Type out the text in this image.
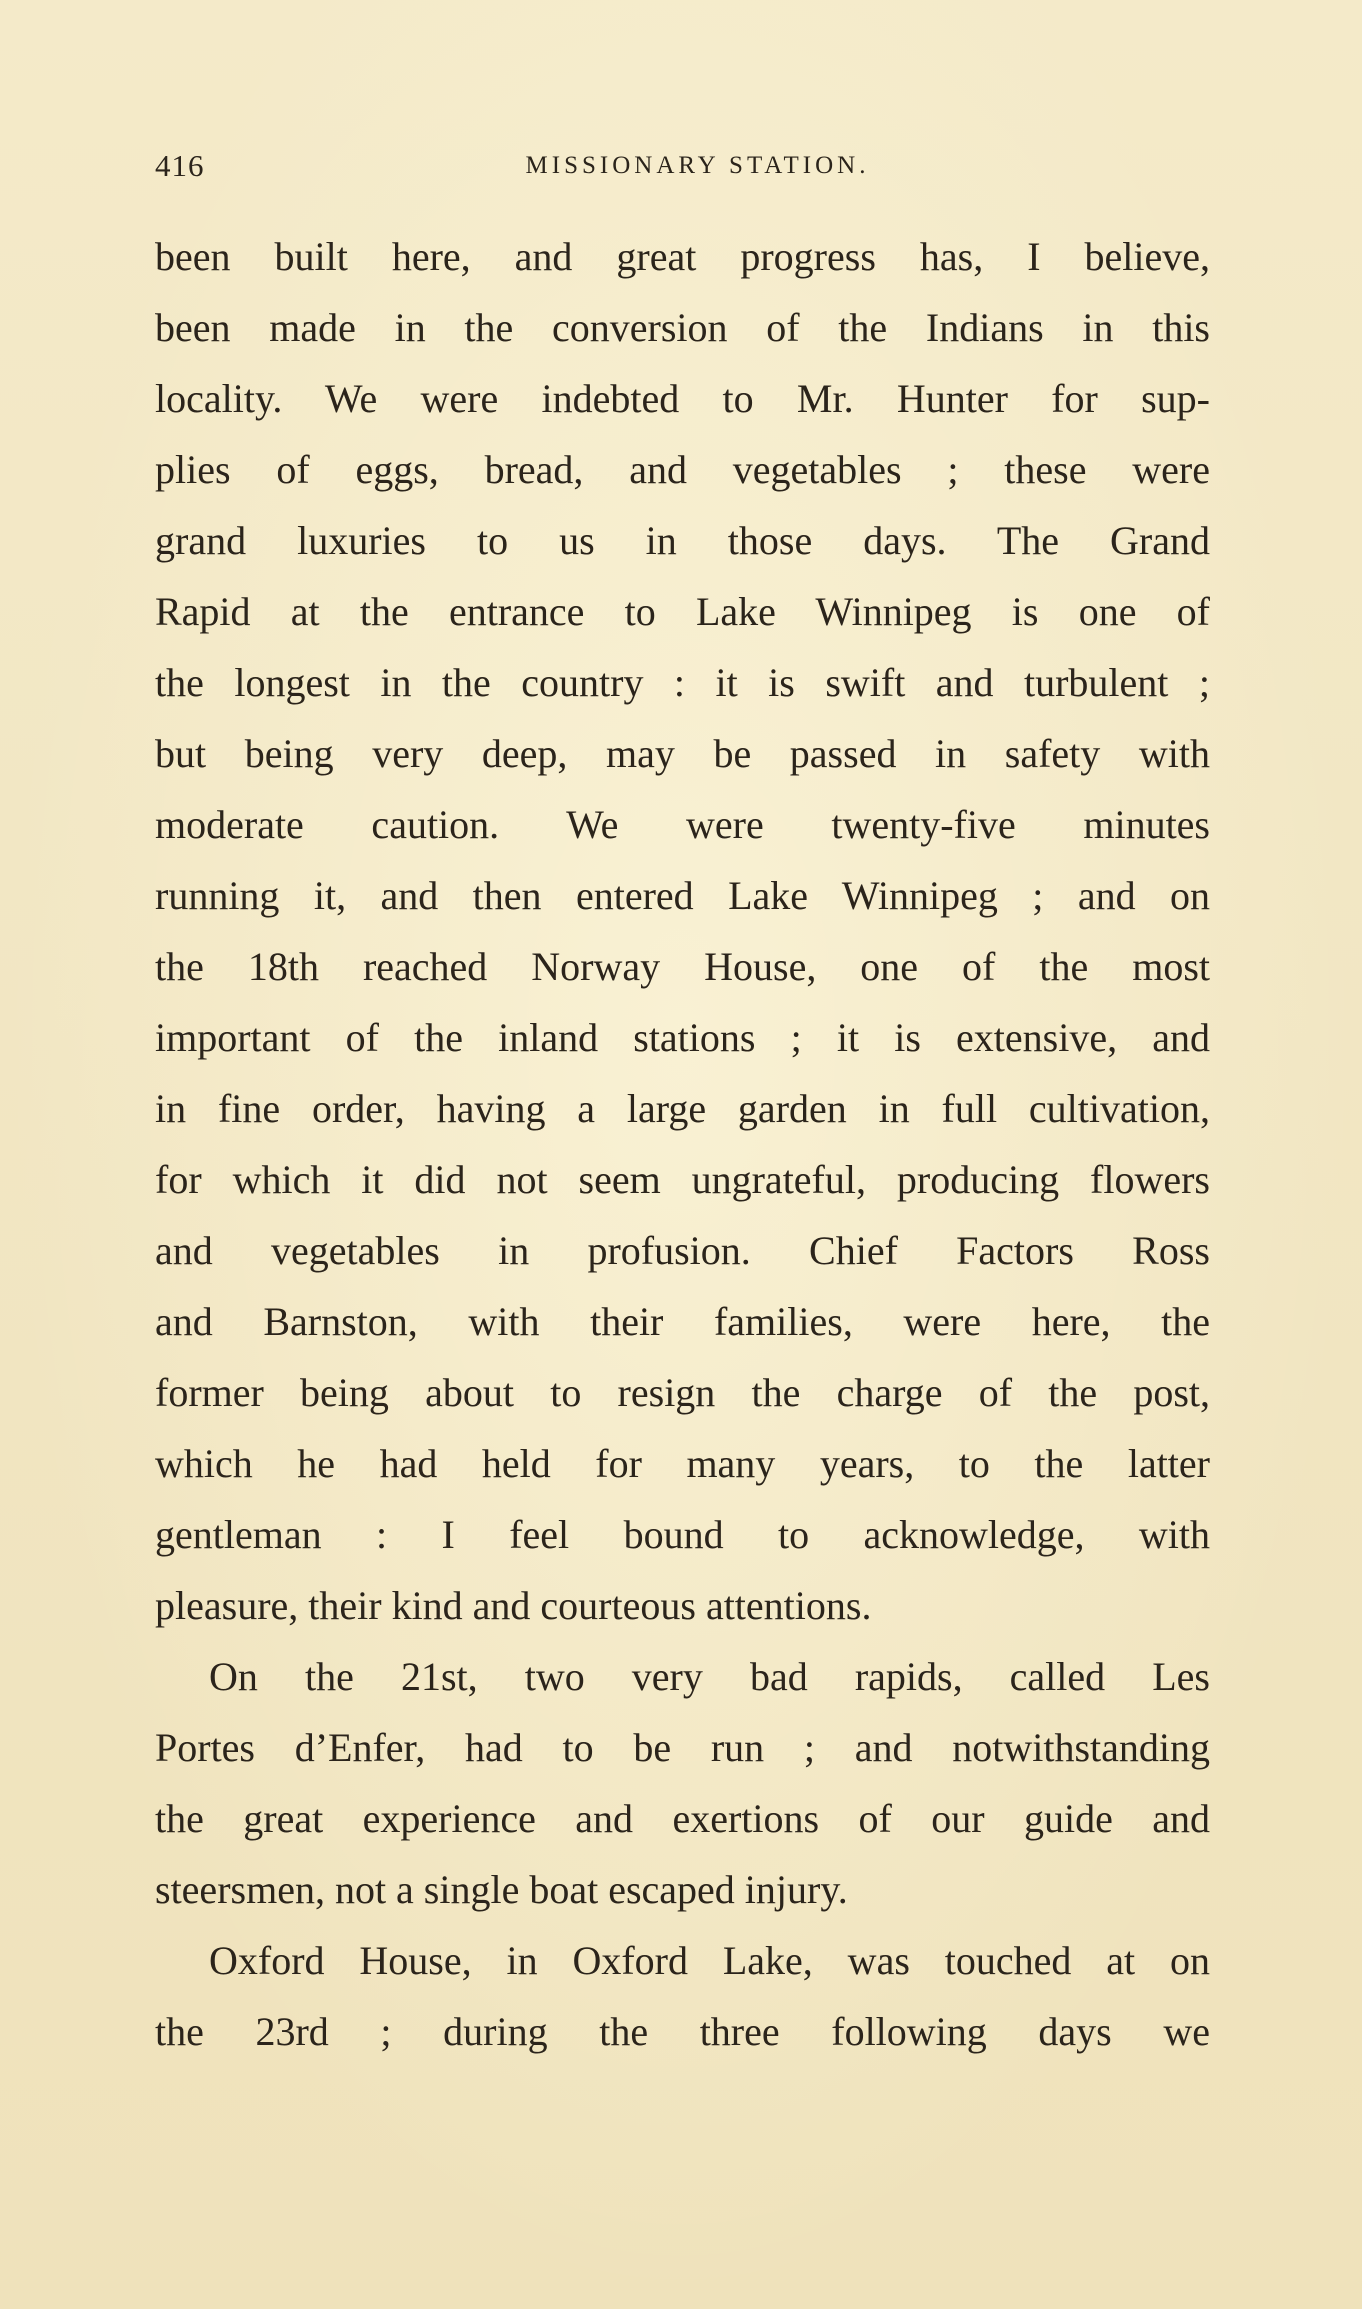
416	MISSIONARY STATION.
been built here, and great progress has, I believe,
been made in the conversion of the Indians in this
locality. We were indebted to Mr. Hunter for sup-
plies of eggs, bread, and vegetables ; these were
grand luxuries to us in those days. The Grand
Rapid at the entrance to Lake Winnipeg is one of
the longest in the country : it is swift and turbulent ;
but being very deep, may be passed in safety with
moderate caution. We were twenty-five minutes
running it, and then entered Lake Winnipeg ; and on
the 18th reached Norway House, one of the most
important of the inland stations ; it is extensive, and
in fine order, having a large garden in full cultivation,
for which it did not seem ungrateful, producing flowers
and vegetables in profusion. Chief Factors Ross
and Barnston, with their families, were here, the
former being about to resign the charge of the post,
which he had held for many years, to the latter
gentleman : I feel bound to acknowledge, with
pleasure, their kind and courteous attentions.
On the 21st, two very bad rapids, called Les
Portes d’Enfer, had to be run ; and notwithstanding
the great experience and exertions of our guide and
steersmen, not a single boat escaped injury.
Oxford House, in Oxford Lake, was touched at on
the 23rd ; during the three following days we
